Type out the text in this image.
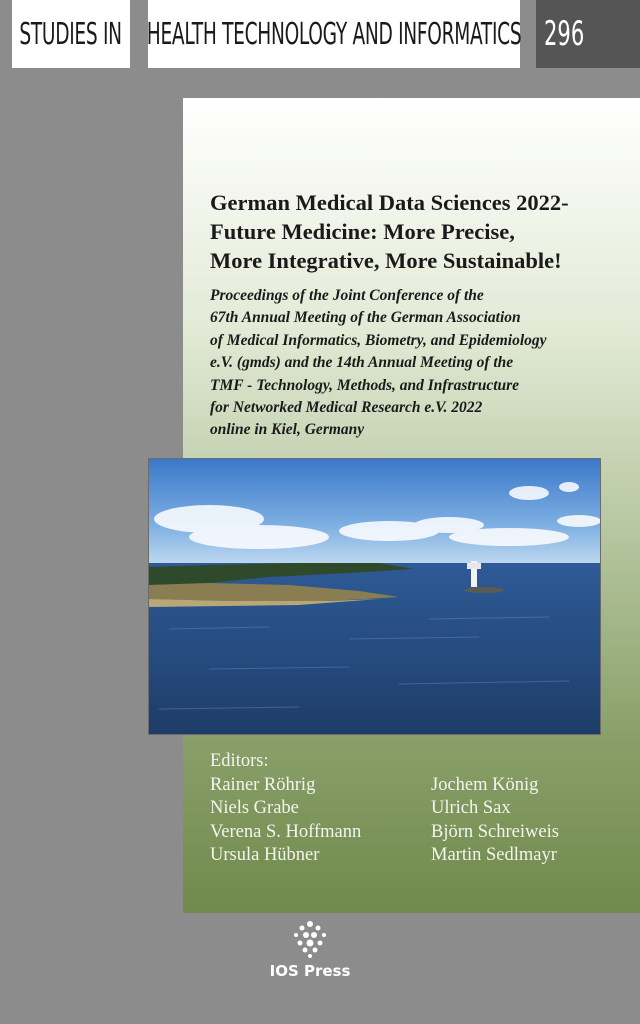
STUDIES IN HEALTH TECHNOLOGY AND INFORMATICS 296
German Medical Data Sciences 2022-
Future Medicine: More Precise,
More Integrative, More Sustainable!
Proceedings of the Joint Conference of the
67th Annual Meeting of the German Association
of Medical Informatics, Biometry, and Epidemiology
e.V. (gmds) and the 14th Annual Meeting of the
TMF - Technology, Methods, and Infrastructure
for Networked Medical Research e.V. 2022
online in Kiel, Germany
Editors:
Rainer Röhrig
Niels Grabe
Verena S. Hoffmann
Ursula Hübner
Jochem König
Ulrich Sax
Björn Schreiweis
Martin Sedlmayr
IOS Press
